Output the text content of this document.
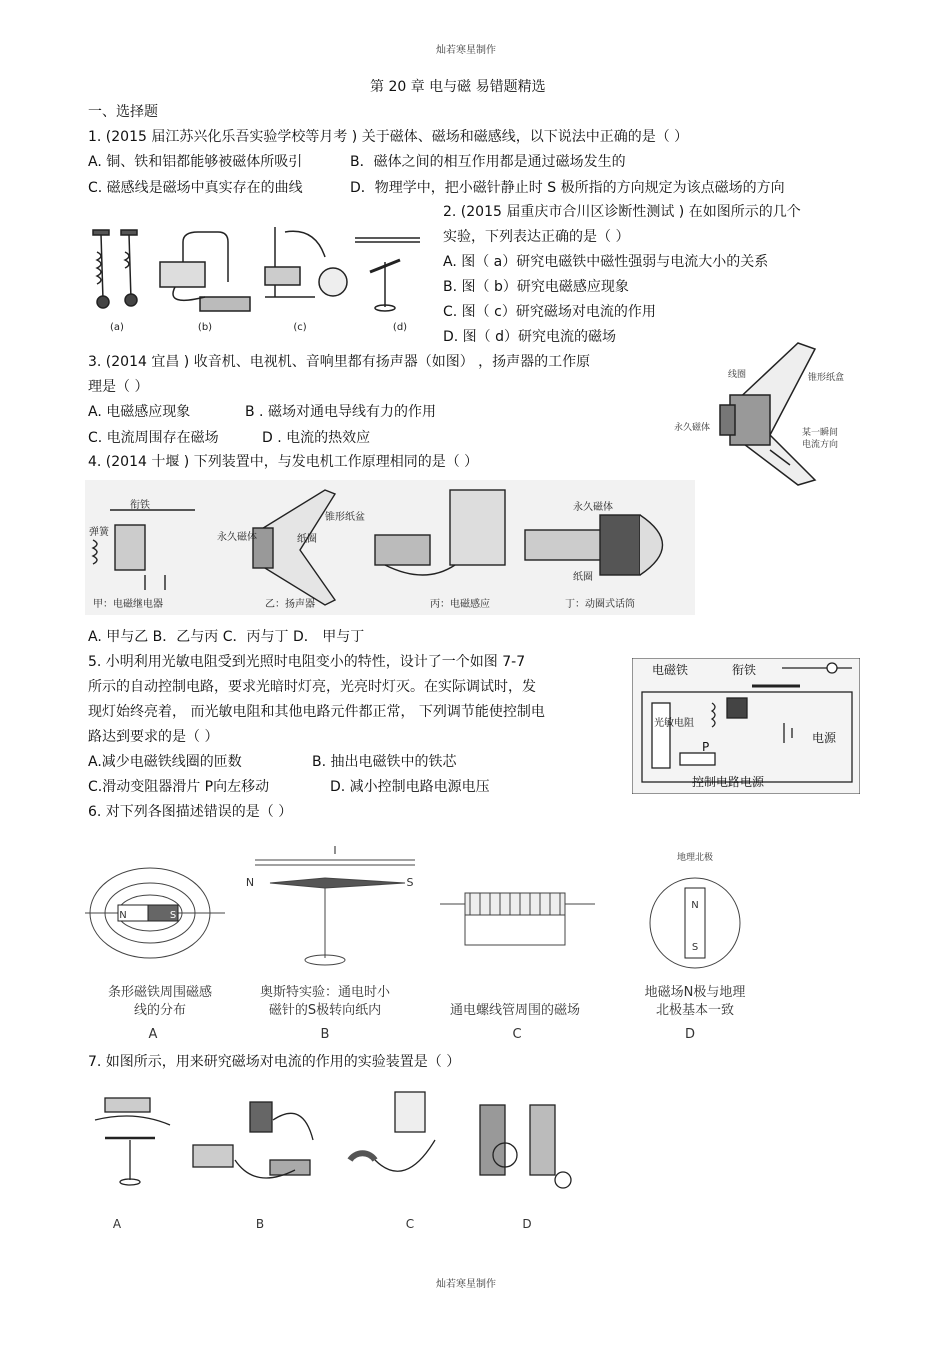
灿若寒星制作
第 20 章 电与磁 易错题精选
一、选择题
1. (2015 届江苏兴化乐吾实验学校等月考 ) 关于磁体、磁场和磁感线，以下说法中正确的是（ ）
A. 铜、铁和铝都能够被磁体所吸引	B．磁体之间的相互作用都是通过磁场发生的
C. 磁感线是磁场中真实存在的曲线	D．物理学中，把小磁针静止时 S 极所指的方向规定为该点磁场的方向
2. (2015 届重庆市合川区诊断性测试 ) 在如图所示的几个
实验，下列表达正确的是（ ）
A. 图（ a）研究电磁铁中磁性强弱与电流大小的关系
B. 图（ b）研究电磁感应现象
C. 图（ c）研究磁场对电流的作用
D. 图（ d）研究电流的磁场
(a)	(b)	(c)	(d)
3. (2014 宜昌 ) 收音机、电视机、音响里都有扬声器（如图） ，扬声器的工作原
理是（ ）
A. 电磁感应现象	B . 磁场对通电导线有力的作用
C. 电流周围存在磁场	D . 电流的热效应
线圈	锥形纸盒
永久磁体	某一瞬间
电流方向
4. (2014 十堰 ) 下列装置中，与发电机工作原理相同的是（ ）
衔铁
弹簧	永久磁体
锥形纸盆
纸圈
永久磁体
纸圈
甲：电磁继电器	乙：扬声器	丙：电磁感应	丁：动圈式话筒
A. 甲与乙 B．乙与丙 C．丙与丁 D． 甲与丁
5. 小明利用光敏电阻受到光照时电阻变小的特性，设计了一个如图 7-7
所示的自动控制电路，要求光暗时灯亮，光亮时灯灭。在实际调试时，发
现灯始终亮着， 而光敏电阻和其他电路元件都正常， 下列调节能使控制电
路达到要求的是（ ）
A.减少电磁铁线圈的匝数	B. 抽出电磁铁中的铁芯
C.滑动变阻器滑片 P向左移动	D. 减小控制电路电源电压
电磁铁	衔铁
光敏电阻
电源
控制电路电源
P
6. 对下列各图描述错误的是（ ）
N	S
N	S
I
N
S
地理北极
条形磁铁周围磁感
线的分布
奥斯特实验：通电时小
磁针的S极转向纸内	通电螺线管周围的磁场
地磁场N极与地理
北极基本一致
A	B	C	D
7. 如图所示，用来研究磁场对电流的作用的实验装置是（ ）
A	B	C	D
灿若寒星制作
